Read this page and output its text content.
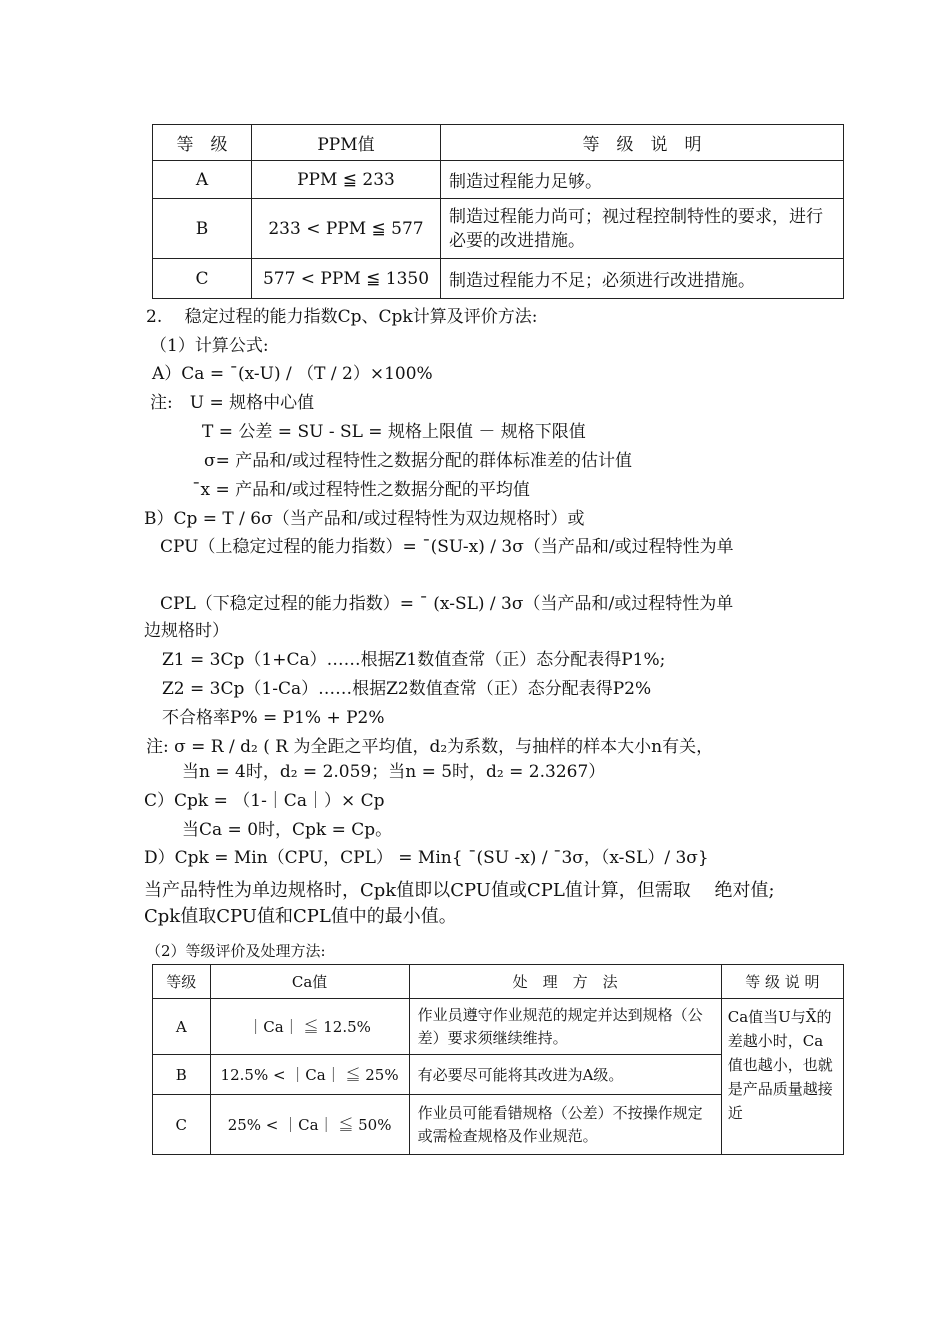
等　级	PPM值	等　级　说　明
A	PPM ≦ 233	制造过程能力足够。
B	233 < PPM ≦ 577	制造过程能力尚可；视过程控制特性的要求，进行必要的改进措施。
C	577 < PPM ≦ 1350	制造过程能力不足；必须进行改进措施。
2.　 稳定过程的能力指数Cp、Cpk计算及评价方法:
（1）计算公式:
A）Ca = ¯(x-U) / （T / 2）×100%
注:　U = 规格中心值
T = 公差 = SU - SL = 规格上限值 － 规格下限值
σ= 产品和/或过程特性之数据分配的群体标准差的估计值
¯x = 产品和/或过程特性之数据分配的平均值
B）Cp = T / 6σ（当产品和/或过程特性为双边规格时）或
CPU（上稳定过程的能力指数）= ¯(SU-x) / 3σ（当产品和/或过程特性为单
CPL（下稳定过程的能力指数）= ¯ (x-SL) / 3σ（当产品和/或过程特性为单
边规格时）
Z1 = 3Cp（1+Ca）……根据Z1数值查常（正）态分配表得P1%;
Z2 = 3Cp（1-Ca）……根据Z2数值查常（正）态分配表得P2%
不合格率P% = P1% + P2%
注: σ = R / d₂ ( R 为全距之平均值，d₂为系数，与抽样的样本大小n有关，
当n = 4时，d₂ = 2.059；当n = 5时，d₂ = 2.3267）
C）Cpk = （1-｜Ca｜）× Cp
当Ca = 0时，Cpk = Cp。
D）Cpk = Min（CPU，CPL） = Min{ ¯(SU -x) / ¯3σ，（x-SL）/ 3σ}
当产品特性为单边规格时，Cpk值即以CPU值或CPL值计算，但需取　 绝对值;
Cpk值取CPU值和CPL值中的最小值。
（2）等级评价及处理方法:
等级	Ca值	处　理　方　法	等 级 说 明
A	｜Ca｜ ≦ 12.5%	作业员遵守作业规范的规定并达到规格（公差）要求须继续维持。	Ca值当U与X̄的差越小时，Ca值也越小，也就是产品质量越接近
B	12.5% < ｜Ca｜ ≦ 25%	有必要尽可能将其改进为A级。	
C	25% < ｜Ca｜ ≦ 50%	作业员可能看错规格（公差）不按操作规定或需检查规格及作业规范。	
